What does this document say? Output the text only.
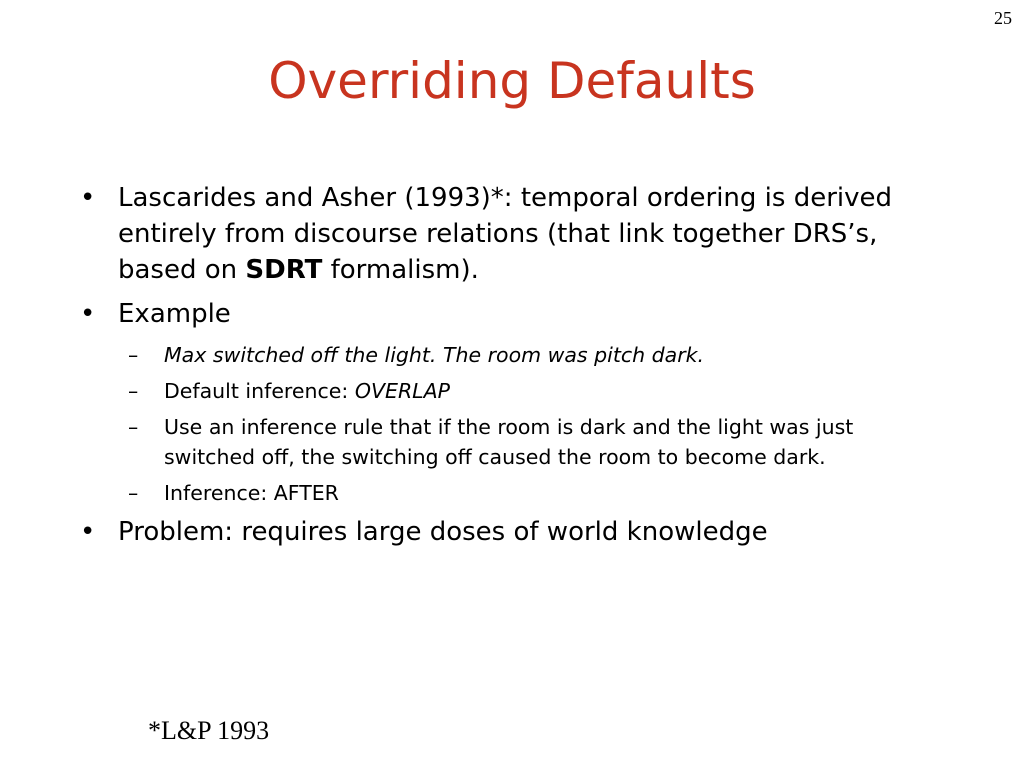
25
Overriding Defaults
• Lascarides and Asher (1993)*: temporal ordering is derived entirely from discourse relations (that link together DRS’s, based on SDRT formalism).
• Example
– Max switched off the light. The room was pitch dark.
– Default inference: OVERLAP
– Use an inference rule that if the room is dark and the light was just switched off, the switching off caused the room to become dark.
– Inference: AFTER
• Problem: requires large doses of world knowledge
*L&P 1993
